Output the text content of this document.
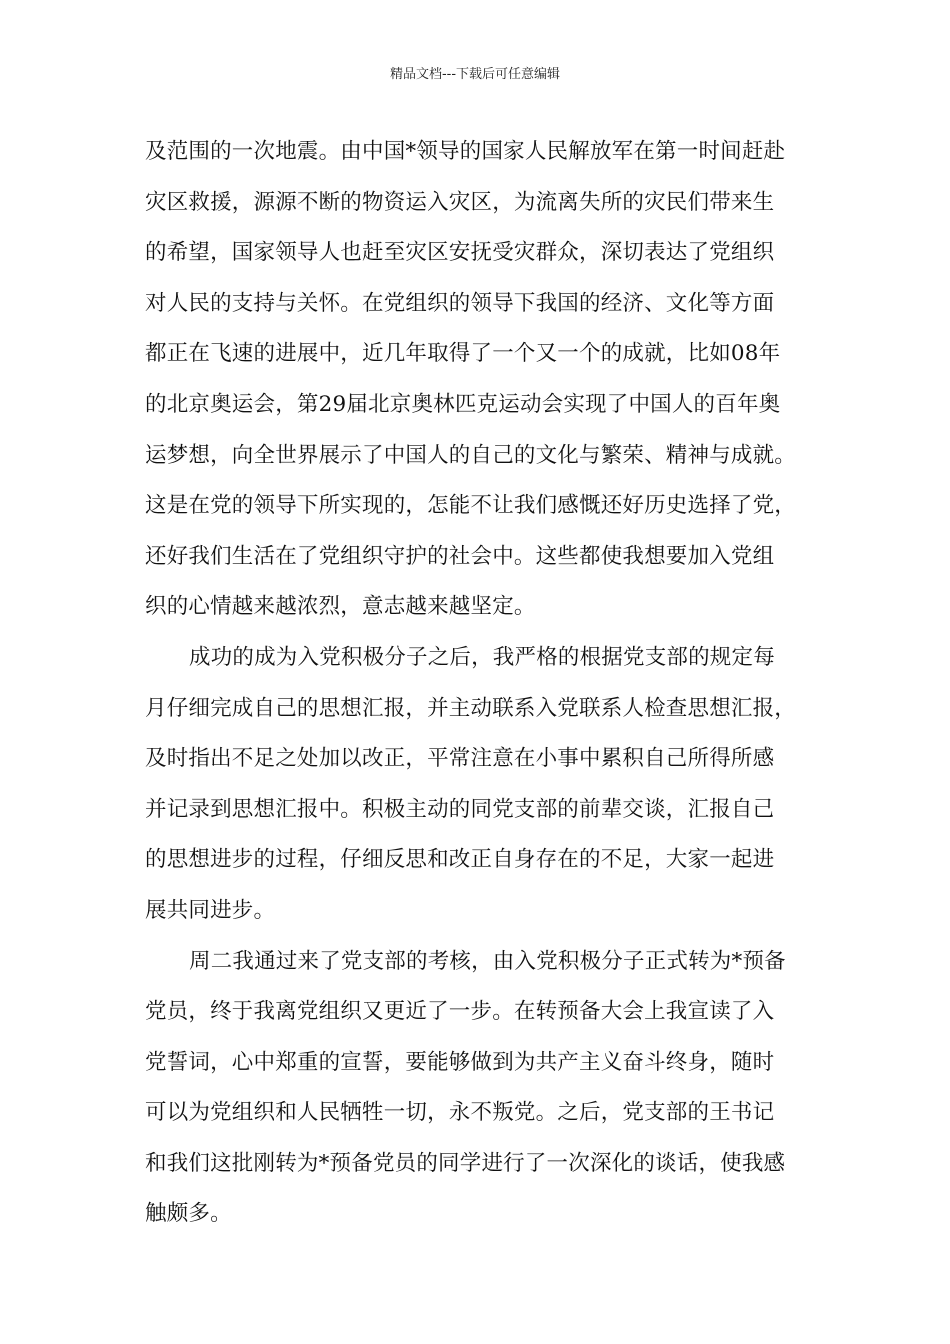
精品文档---下载后可任意编辑
及范围的一次地震。由中国*领导的国家人民解放军在第一时间赶赴
灾区救援，源源不断的物资运入灾区，为流离失所的灾民们带来生
的希望，国家领导人也赶至灾区安抚受灾群众，深切表达了党组织
对人民的支持与关怀。在党组织的领导下我国的经济、文化等方面
都正在飞速的进展中，近几年取得了一个又一个的成就，比如08年
的北京奥运会，第29届北京奥林匹克运动会实现了中国人的百年奥
运梦想，向全世界展示了中国人的自己的文化与繁荣、精神与成就。
这是在党的领导下所实现的，怎能不让我们感慨还好历史选择了党，
还好我们生活在了党组织守护的社会中。这些都使我想要加入党组
织的心情越来越浓烈，意志越来越坚定。
成功的成为入党积极分子之后，我严格的根据党支部的规定每
月仔细完成自己的思想汇报，并主动联系入党联系人检查思想汇报，
及时指出不足之处加以改正，平常注意在小事中累积自己所得所感
并记录到思想汇报中。积极主动的同党支部的前辈交谈，汇报自己
的思想进步的过程，仔细反思和改正自身存在的不足，大家一起进
展共同进步。
周二我通过来了党支部的考核，由入党积极分子正式转为*预备
党员，终于我离党组织又更近了一步。在转预备大会上我宣读了入
党誓词，心中郑重的宣誓，要能够做到为共产主义奋斗终身，随时
可以为党组织和人民牺牲一切，永不叛党。之后，党支部的王书记
和我们这批刚转为*预备党员的同学进行了一次深化的谈话，使我感
触颇多。
